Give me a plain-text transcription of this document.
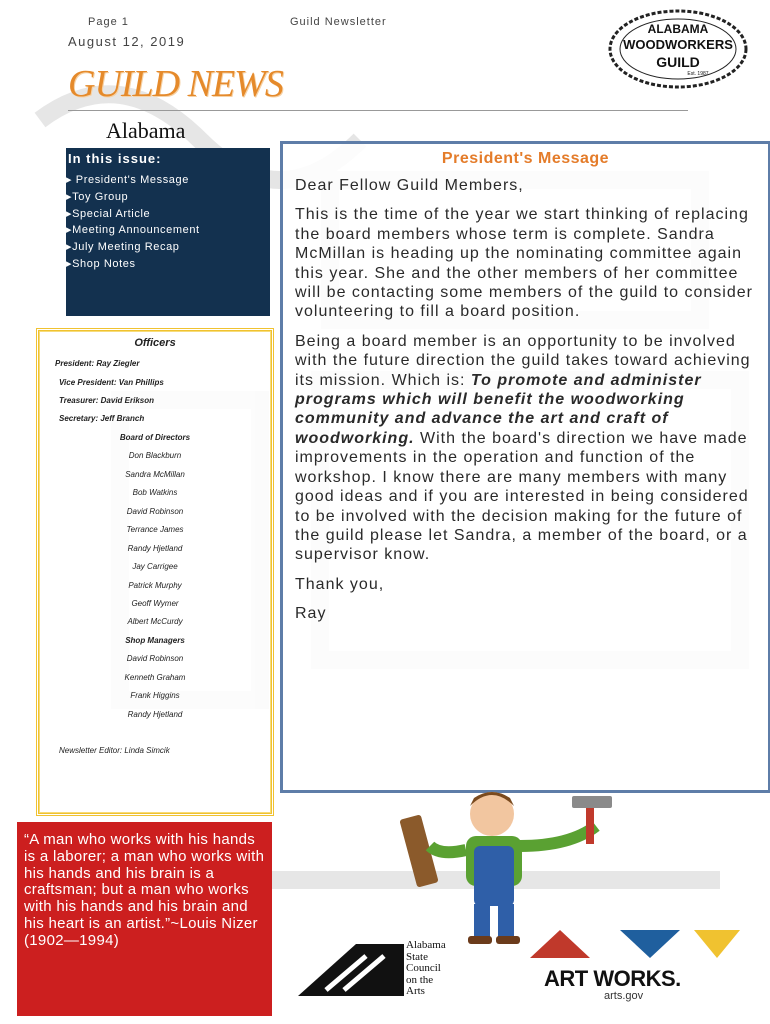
Page 1	Guild Newsletter
August 12, 2019
ALABAMA
WOODWORKERS
GUILD
Est. 1987
GUILD NEWS
Alabama
In this issue:
▸ President's Message
▸Toy Group
▸Special Article
▸Meeting Announcement
▸July Meeting Recap
▸Shop Notes
Officers
President: Ray Ziegler
Vice President: Van Phillips
Treasurer: David Erikson
Secretary: Jeff Branch
Board of Directors
Don Blackburn
Sandra McMillan
Bob Watkins
David Robinson
Terrance James
Randy Hjetland
Jay Carrigee
Patrick Murphy
Geoff Wymer
Albert McCurdy
Shop Managers
David Robinson
Kenneth Graham
Frank Higgins
Randy Hjetland
Newsletter Editor: Linda Simcik
President's Message

Dear Fellow Guild Members,

This is the time of the year we start thinking of replacing the board members whose term is complete. Sandra McMillan is heading up the nominating committee again this year. She and the other members of her committee will be contacting some members of the guild to consider volunteering to fill a board position.

Being a board member is an opportunity to be involved with the future direction the guild takes toward achieving its mission. Which is: To promote and administer programs which will benefit the woodworking community and advance the art and craft of woodworking. With the board's direction we have made improvements in the operation and function of the workshop. I know there are many members with many good ideas and if you are interested in being considered to be involved with the decision making for the future of the guild please let Sandra, a member of the board, or a supervisor know.

Thank you,

Ray

“A man who works with his hands is a laborer; a man who works with his hands and his brain is a craftsman; but a man who works with his hands and his brain and his heart is an artist.”~Louis Nizer (1902—1994)	Alabama
State
Council
on the
Arts	ART WORKS.
arts.gov
